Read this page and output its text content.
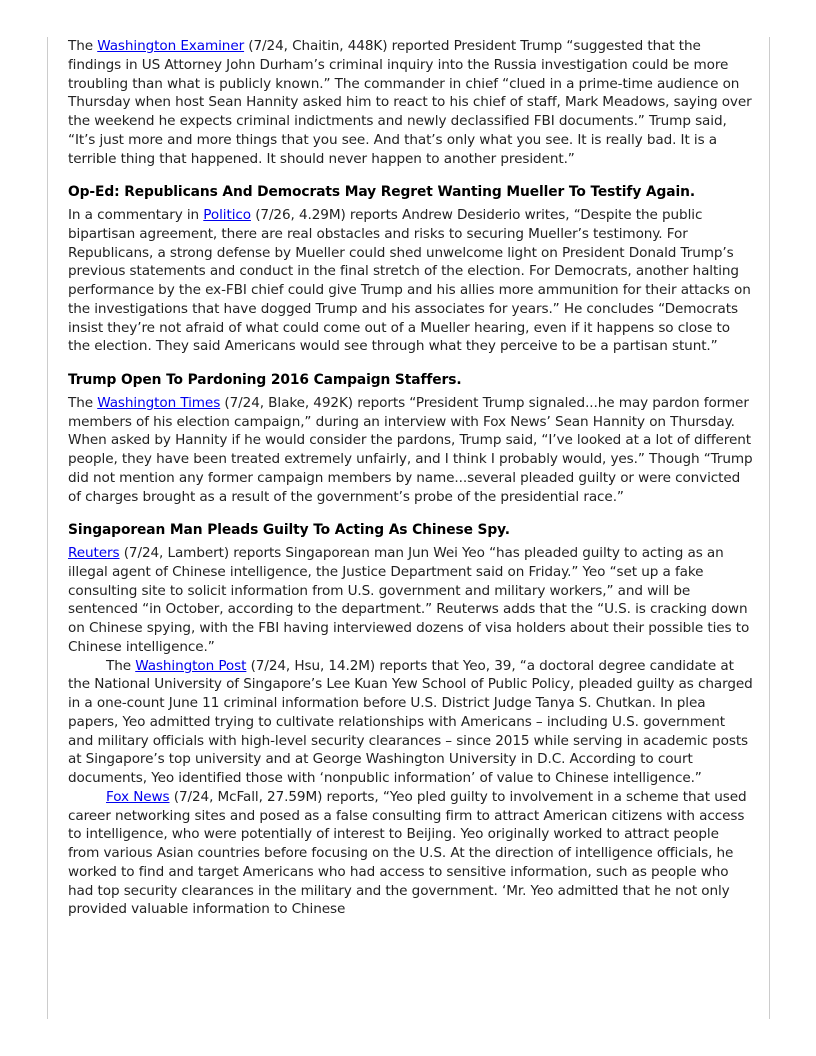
The Washington Examiner (7/24, Chaitin, 448K) reported President Trump “suggested that the findings in US Attorney John Durham’s criminal inquiry into the Russia investigation could be more troubling than what is publicly known.” The commander in chief “clued in a prime-time audience on Thursday when host Sean Hannity asked him to react to his chief of staff, Mark Meadows, saying over the weekend he expects criminal indictments and newly declassified FBI documents.” Trump said, “It’s just more and more things that you see. And that’s only what you see. It is really bad. It is a terrible thing that happened. It should never happen to another president.”

Op-Ed: Republicans And Democrats May Regret Wanting Mueller To Testify Again.

In a commentary in Politico (7/26, 4.29M) reports Andrew Desiderio writes, “Despite the public bipartisan agreement, there are real obstacles and risks to securing Mueller’s testimony. For Republicans, a strong defense by Mueller could shed unwelcome light on President Donald Trump’s previous statements and conduct in the final stretch of the election. For Democrats, another halting performance by the ex-FBI chief could give Trump and his allies more ammunition for their attacks on the investigations that have dogged Trump and his associates for years.” He concludes “Democrats insist they’re not afraid of what could come out of a Mueller hearing, even if it happens so close to the election. They said Americans would see through what they perceive to be a partisan stunt.”

Trump Open To Pardoning 2016 Campaign Staffers.

The Washington Times (7/24, Blake, 492K) reports “President Trump signaled...he may pardon former members of his election campaign,” during an interview with Fox News’ Sean Hannity on Thursday. When asked by Hannity if he would consider the pardons, Trump said, “I’ve looked at a lot of different people, they have been treated extremely unfairly, and I think I probably would, yes.” Though “Trump did not mention any former campaign members by name...several pleaded guilty or were convicted of charges brought as a result of the government’s probe of the presidential race.”

Singaporean Man Pleads Guilty To Acting As Chinese Spy.

Reuters (7/24, Lambert) reports Singaporean man Jun Wei Yeo “has pleaded guilty to acting as an illegal agent of Chinese intelligence, the Justice Department said on Friday.” Yeo “set up a fake consulting site to solicit information from U.S. government and military workers,” and will be sentenced “in October, according to the department.” Reuterws adds that the “U.S. is cracking down on Chinese spying, with the FBI having interviewed dozens of visa holders about their possible ties to Chinese intelligence.”

The Washington Post (7/24, Hsu, 14.2M) reports that Yeo, 39, “a doctoral degree candidate at the National University of Singapore’s Lee Kuan Yew School of Public Policy, pleaded guilty as charged in a one-count June 11 criminal information before U.S. District Judge Tanya S. Chutkan. In plea papers, Yeo admitted trying to cultivate relationships with Americans – including U.S. government and military officials with high-level security clearances – since 2015 while serving in academic posts at Singapore’s top university and at George Washington University in D.C. According to court documents, Yeo identified those with ‘nonpublic information’ of value to Chinese intelligence.”

Fox News (7/24, McFall, 27.59M) reports, “Yeo pled guilty to involvement in a scheme that used career networking sites and posed as a false consulting firm to attract American citizens with access to intelligence, who were potentially of interest to Beijing. Yeo originally worked to attract people from various Asian countries before focusing on the U.S. At the direction of intelligence officials, he worked to find and target Americans who had access to sensitive information, such as people who had top security clearances in the military and the government. ‘Mr. Yeo admitted that he not only provided valuable information to Chinese
